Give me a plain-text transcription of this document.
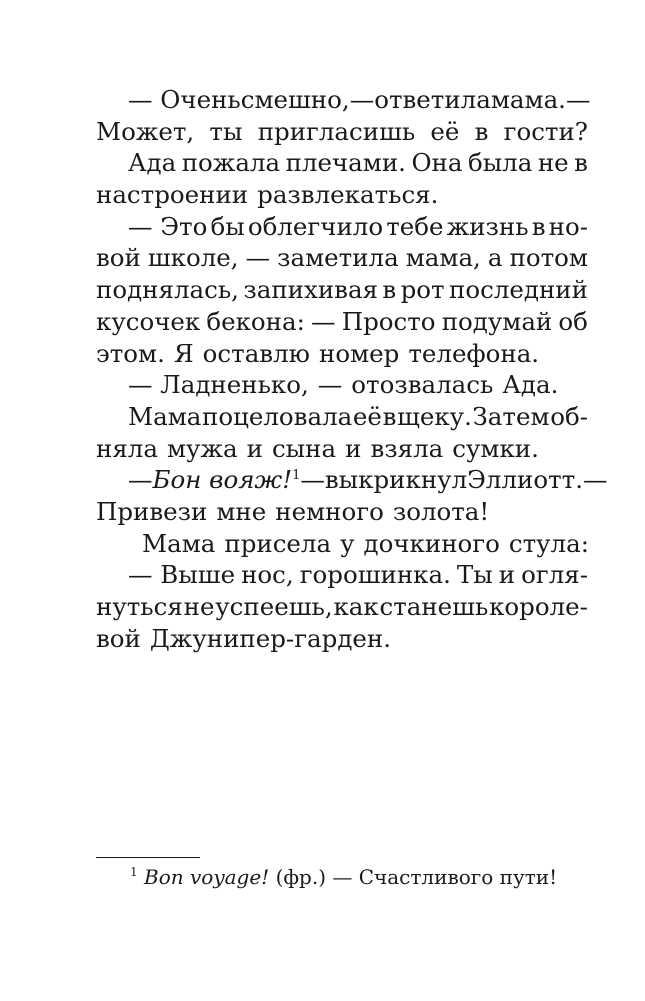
— Очень смешно, — ответила мама. —
Может, ты пригласишь её в гости?
Ада пожала плечами. Она была не в
настроении развлекаться.
— Это бы облегчило тебе жизнь в но-
вой школе, — заметила мама, а потом
поднялась, запихивая в рот последний
кусочек бекона: — Просто подумай об
этом. Я оставлю номер телефона.
— Ладненько, — отозвалась Ада.
Мама поцеловала её в щеку. Затем об-
няла мужа и сына и взяла сумки.
— Бон вояж!$^1$ — выкрикнул Эллиотт. —
Привези мне немного золота!
Мама присела у дочкиного стула:
— Выше нос, горошинка. Ты и огля-
нуться не успеешь, как станешь короле-
вой Джунипер-гарден.
$^1$ Bon voyage! (фр.) — Счастливого пути!
